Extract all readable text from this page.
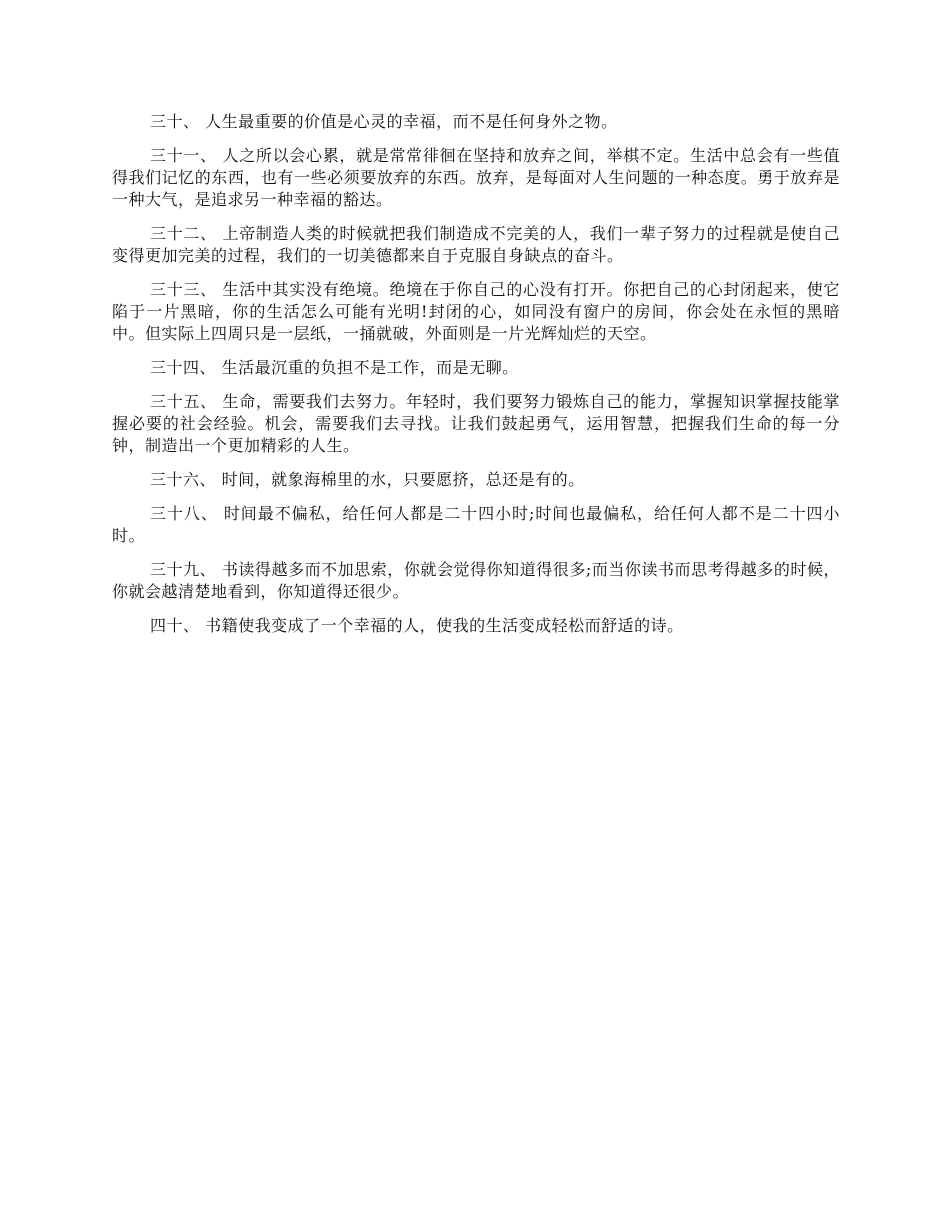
三十、 人生最重要的价值是心灵的幸福，而不是任何身外之物。

三十一、 人之所以会心累，就是常常徘徊在坚持和放弃之间，举棋不定。生活中总会有一些值得我们记忆的东西，也有一些必须要放弃的东西。放弃，是每面对人生问题的一种态度。勇于放弃是一种大气，是追求另一种幸福的豁达。

三十二、 上帝制造人类的时候就把我们制造成不完美的人，我们一辈子努力的过程就是使自己变得更加完美的过程，我们的一切美德都来自于克服自身缺点的奋斗。

三十三、 生活中其实没有绝境。绝境在于你自己的心没有打开。你把自己的心封闭起来，使它陷于一片黑暗，你的生活怎么可能有光明!封闭的心，如同没有窗户的房间，你会处在永恒的黑暗中。但实际上四周只是一层纸，一捅就破，外面则是一片光辉灿烂的天空。

三十四、 生活最沉重的负担不是工作，而是无聊。

三十五、 生命，需要我们去努力。年轻时，我们要努力锻炼自己的能力，掌握知识掌握技能掌握必要的社会经验。机会，需要我们去寻找。让我们鼓起勇气，运用智慧，把握我们生命的每一分钟，制造出一个更加精彩的人生。

三十六、 时间，就象海棉里的水，只要愿挤，总还是有的。

三十八、 时间最不偏私，给任何人都是二十四小时;时间也最偏私，给任何人都不是二十四小时。

三十九、 书读得越多而不加思索，你就会觉得你知道得很多;而当你读书而思考得越多的时候，你就会越清楚地看到，你知道得还很少。

四十、 书籍使我变成了一个幸福的人，使我的生活变成轻松而舒适的诗。
